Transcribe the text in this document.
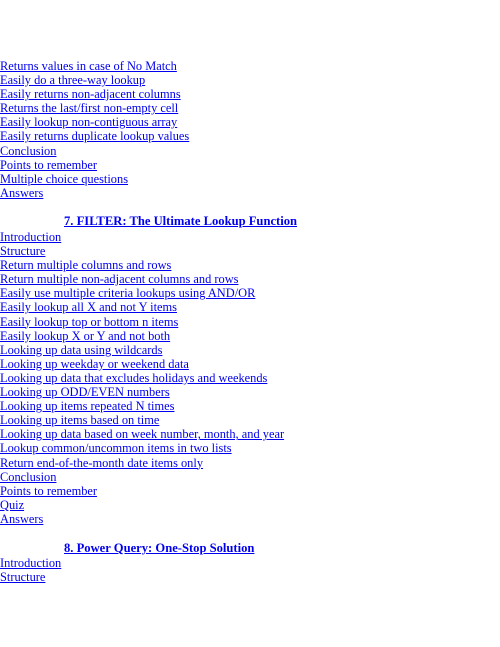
Returns values in case of No Match
Easily do a three-way lookup
Easily returns non-adjacent columns
Returns the last/first non-empty cell
Easily lookup non-contiguous array
Easily returns duplicate lookup values
Conclusion
Points to remember
Multiple choice questions
Answers
7. FILTER: The Ultimate Lookup Function
Introduction
Structure
Return multiple columns and rows
Return multiple non-adjacent columns and rows
Easily use multiple criteria lookups using AND/OR
Easily lookup all X and not Y items
Easily lookup top or bottom n items
Easily lookup X or Y and not both
Looking up data using wildcards
Looking up weekday or weekend data
Looking up data that excludes holidays and weekends
Looking up ODD/EVEN numbers
Looking up items repeated N times
Looking up items based on time
Looking up data based on week number, month, and year
Lookup common/uncommon items in two lists
Return end-of-the-month date items only
Conclusion
Points to remember
Quiz
Answers
8. Power Query: One-Stop Solution
Introduction
Structure
